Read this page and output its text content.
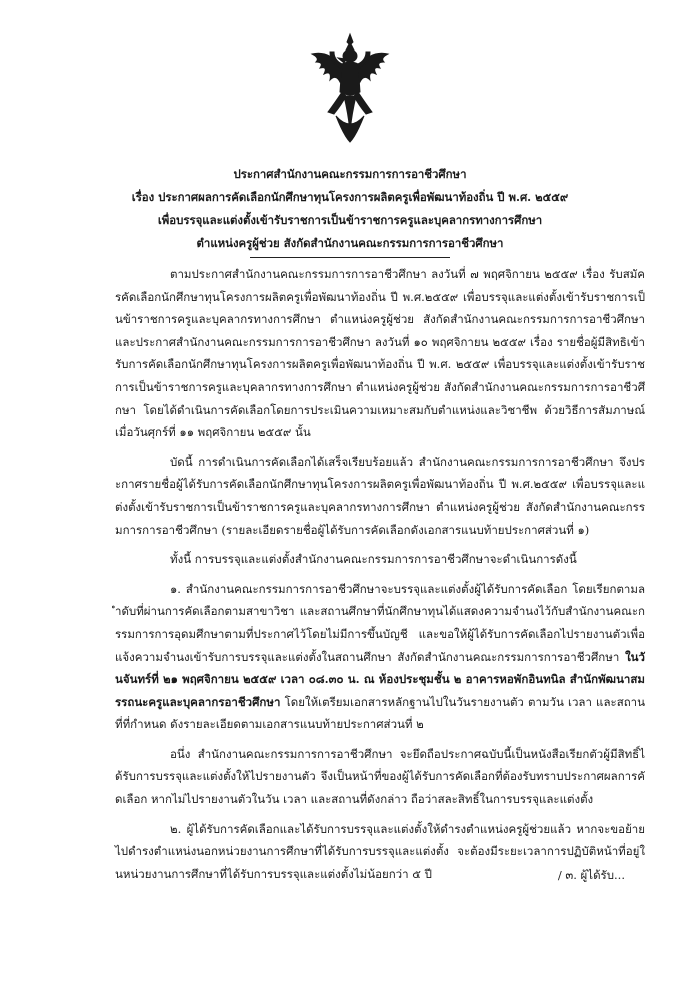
ประกาศสำนักงานคณะกรรมการการอาชีวศึกษา
เรื่อง ประกาศผลการคัดเลือกนักศึกษาทุนโครงการผลิตครูเพื่อพัฒนาท้องถิ่น ปี พ.ศ. ๒๕๕๙
เพื่อบรรจุและแต่งตั้งเข้ารับราชการเป็นข้าราชการครูและบุคลากรทางการศึกษา
ตำแหน่งครูผู้ช่วย สังกัดสำนักงานคณะกรรมการการอาชีวศึกษา

ตามประกาศสำนักงานคณะกรรมการการอาชีวศึกษา ลงวันที่ ๗ พฤศจิกายน ๒๕๕๙ เรื่อง รับสมัครคัดเลือกนักศึกษาทุนโครงการผลิตครูเพื่อพัฒนาท้องถิ่น ปี พ.ศ.๒๕๕๙ เพื่อบรรจุและแต่งตั้งเข้ารับราชการเป็นข้าราชการครูและบุคลากรทางการศึกษา ตำแหน่งครูผู้ช่วย สังกัดสำนักงานคณะกรรมการการอาชีวศึกษา และประกาศสำนักงานคณะกรรมการการอาชีวศึกษา ลงวันที่ ๑๐ พฤศจิกายน ๒๕๕๙ เรื่อง รายชื่อผู้มีสิทธิเข้ารับการคัดเลือกนักศึกษาทุนโครงการผลิตครูเพื่อพัฒนาท้องถิ่น ปี พ.ศ. ๒๕๕๙ เพื่อบรรจุและแต่งตั้งเข้ารับราชการเป็นข้าราชการครูและบุคลากรทางการศึกษา ตำแหน่งครูผู้ช่วย สังกัดสำนักงานคณะกรรมการการอาชีวศึกษา โดยได้ดำเนินการคัดเลือกโดยการประเมินความเหมาะสมกับตำแหน่งและวิชาชีพ ด้วยวิธีการสัมภาษณ์ เมื่อวันศุกร์ที่ ๑๑ พฤศจิกายน ๒๕๕๙ นั้น

บัดนี้ การดำเนินการคัดเลือกได้เสร็จเรียบร้อยแล้ว สำนักงานคณะกรรมการการอาชีวศึกษา จึงประกาศรายชื่อผู้ได้รับการคัดเลือกนักศึกษาทุนโครงการผลิตครูเพื่อพัฒนาท้องถิ่น ปี พ.ศ.๒๕๕๙ เพื่อบรรจุและแต่งตั้งเข้ารับราชการเป็นข้าราชการครูและบุคลากรทางการศึกษา ตำแหน่งครูผู้ช่วย สังกัดสำนักงานคณะกรรมการการอาชีวศึกษา (รายละเอียดรายชื่อผู้ได้รับการคัดเลือกดังเอกสารแนบท้ายประกาศส่วนที่ ๑)

ทั้งนี้ การบรรจุและแต่งตั้งสำนักงานคณะกรรมการการอาชีวศึกษาจะดำเนินการดังนี้

๑. สำนักงานคณะกรรมการการอาชีวศึกษาจะบรรจุและแต่งตั้งผู้ได้รับการคัดเลือก โดยเรียกตามลำดับที่ผ่านการคัดเลือกตามสาขาวิชา และสถานศึกษาที่นักศึกษาทุนได้แสดงความจำนงไว้กับสำนักงานคณะกรรมการการอุดมศึกษาตามที่ประกาศไว้โดยไม่มีการขึ้นบัญชี และขอให้ผู้ได้รับการคัดเลือกไปรายงานตัวเพื่อแจ้งความจำนงเข้ารับการบรรจุและแต่งตั้งในสถานศึกษา สังกัดสำนักงานคณะกรรมการการอาชีวศึกษา ในวันจันทร์ที่ ๒๑ พฤศจิกายน ๒๕๕๙ เวลา ๐๘.๓๐ น. ณ ห้องประชุมชั้น ๒ อาคารหอพักอินทนิล สำนักพัฒนาสมรรถนะครูและบุคลากรอาชีวศึกษา โดยให้เตรียมเอกสารหลักฐานไปในวันรายงานตัว ตามวัน เวลา และสถานที่ที่กำหนด ดังรายละเอียดตามเอกสารแนบท้ายประกาศส่วนที่ ๒

อนึ่ง สำนักงานคณะกรรมการการอาชีวศึกษา จะยึดถือประกาศฉบับนี้เป็นหนังสือเรียกตัวผู้มีสิทธิ์ได้รับการบรรจุและแต่งตั้งให้ไปรายงานตัว จึงเป็นหน้าที่ของผู้ได้รับการคัดเลือกที่ต้องรับทราบประกาศผลการคัดเลือก หากไม่ไปรายงานตัวในวัน เวลา และสถานที่ดังกล่าว ถือว่าสละสิทธิ์ในการบรรจุและแต่งตั้ง

๒. ผู้ได้รับการคัดเลือกและได้รับการบรรจุและแต่งตั้งให้ดำรงตำแหน่งครูผู้ช่วยแล้ว หากจะขอย้ายไปดำรงตำแหน่งนอกหน่วยงานการศึกษาที่ได้รับการบรรจุและแต่งตั้ง จะต้องมีระยะเวลาการปฏิบัติหน้าที่อยู่ในหน่วยงานการศึกษาที่ได้รับการบรรจุและแต่งตั้งไม่น้อยกว่า ๕ ปี	/ ๓. ผู้ได้รับ...
